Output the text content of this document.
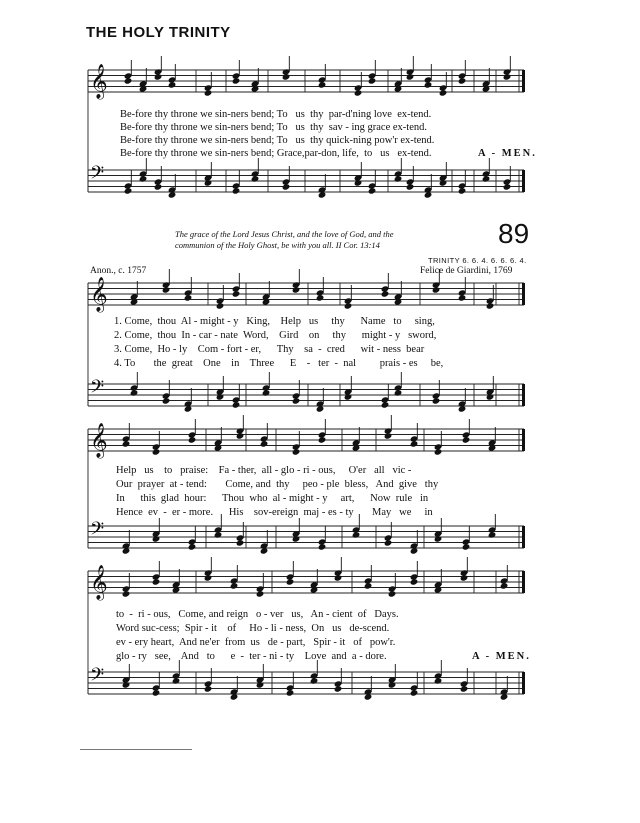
THE HOLY TRINITY
𝄞
𝄢
𝄞
𝄢
𝄞
𝄢
𝄞
𝄢
Be-fore thy throne we sin-ners bend; To   us  thy  par-d'ning love  ex-tend.
Be-fore thy throne we sin-ners bend; To   us  thy  sav - ing grace ex-tend.
Be-fore thy throne we sin-ners bend; To   us  thy quick-ning pow'r ex-tend.
Be-fore thy throne we sin-ners bend; Grace,par-don, life,  to   us   ex-tend.	A - MEN.
The grace of the Lord Jesus Christ, and the love of God, and the
communion of the Holy Ghost, be with you all. II Cor. 13:14	89
TRINITY 6. 6. 4. 6. 6. 6. 4.
Anon., c. 1757	Felice de Giardini, 1769
1. Come,  thou  Al - might - y   King,    Help   us     thy      Name   to     sing,
2. Come,  thou  In - car - nate  Word,    Gird    on     thy      might - y   sword,
3. Come,  Ho - ly    Com - fort - er,      Thy    sa  -  cred      wit - ness  bear
4. To       the  great    One    in    Three      E    -   ter  -  nal         prais - es     be,
Help   us    to   praise:    Fa - ther,  all - glo - ri - ous,     O'er   all   vic -
Our  prayer  at - tend:       Come, and  thy     peo - ple  bless,   And  give   thy
In      this  glad  hour:      Thou  who  al - might - y     art,      Now  rule   in
Hence  ev  -  er - more.      His    sov-ereign  maj - es - ty       May   we     in
to  -  ri - ous,   Come, and reign   o - ver   us,   An - cient  of   Days.
Word suc-cess;  Spir - it    of     Ho - li - ness,  On   us   de-scend.
ev - ery heart,  And ne'er  from  us   de - part,   Spir - it   of   pow'r.
glo - ry   see,    And   to      e  -  ter - ni - ty    Love  and  a - dore.	A - MEN.
